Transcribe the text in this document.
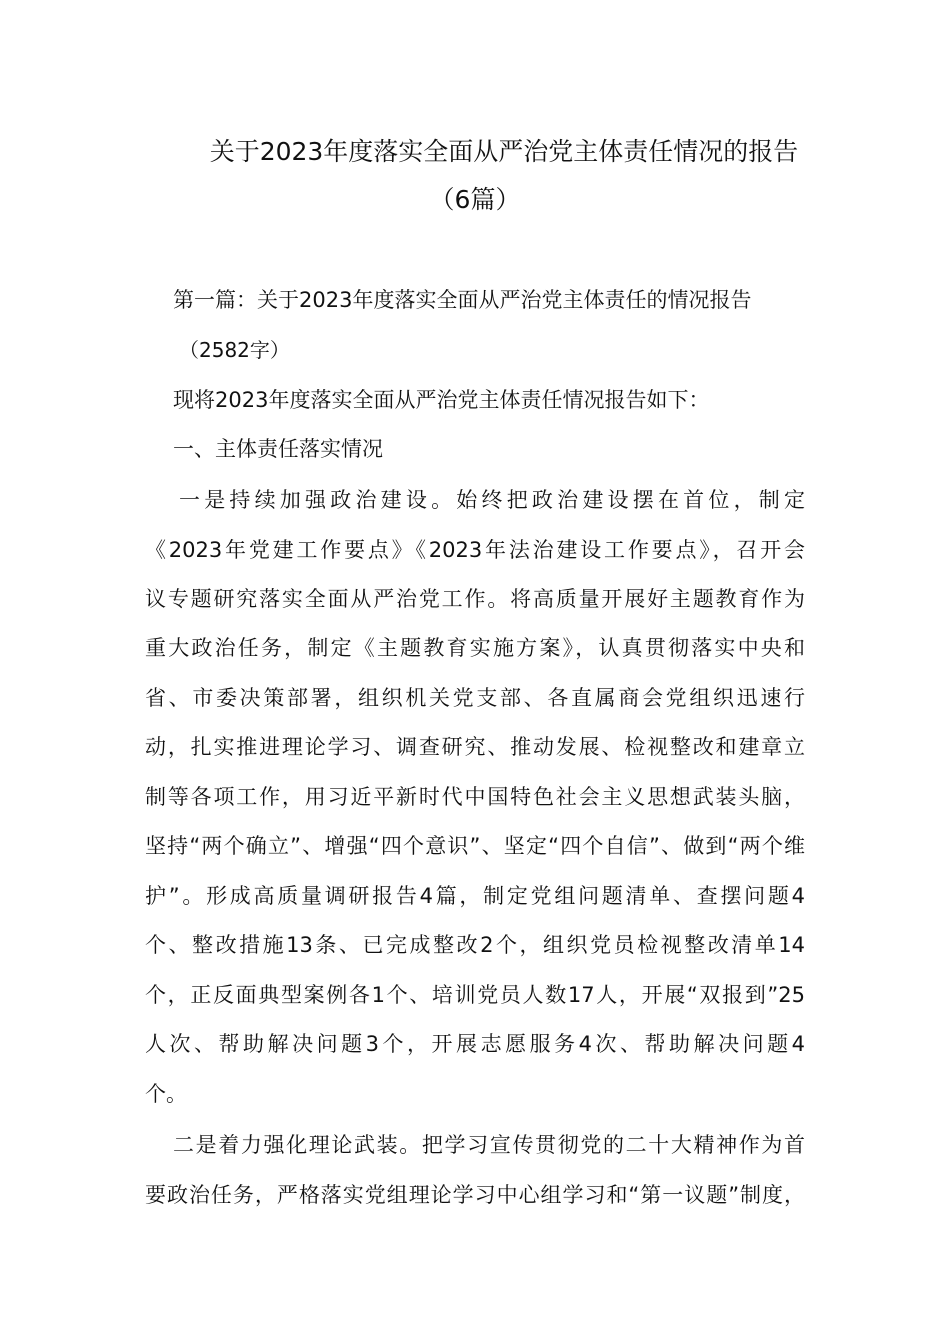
关于2023年度落实全面从严治党主体责任情况的报告
（6篇）
第一篇：关于2023年度落实全面从严治党主体责任的情况报告
（2582字）
现将2023年度落实全面从严治党主体责任情况报告如下：
一、主体责任落实情况
一是持续加强政治建设。始终把政治建设摆在首位，制定
《2023年党建工作要点》《2023年法治建设工作要点》，召开会
议专题研究落实全面从严治党工作。将高质量开展好主题教育作为
重大政治任务，制定《主题教育实施方案》，认真贯彻落实中央和
省、市委决策部署，组织机关党支部、各直属商会党组织迅速行
动，扎实推进理论学习、调查研究、推动发展、检视整改和建章立
制等各项工作，用习近平新时代中国特色社会主义思想武装头脑，
坚持“两个确立”、增强“四个意识”、坚定“四个自信”、做到“两个维
护”。形成高质量调研报告4篇，制定党组问题清单、查摆问题4
个、整改措施13条、已完成整改2个，组织党员检视整改清单14
个，正反面典型案例各1个、培训党员人数17人，开展“双报到”25
人次、帮助解决问题3个，开展志愿服务4次、帮助解决问题4
个。
二是着力强化理论武装。把学习宣传贯彻党的二十大精神作为首
要政治任务，严格落实党组理论学习中心组学习和“第一议题”制度，
